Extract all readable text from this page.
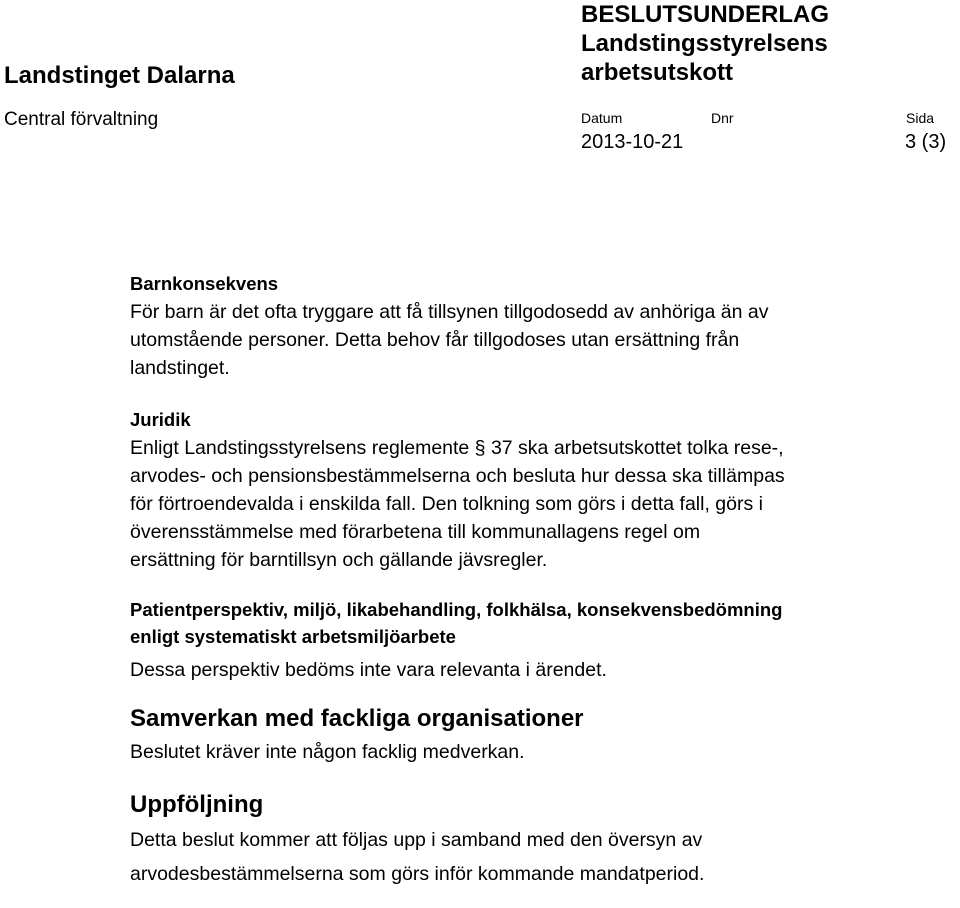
Landstinget Dalarna
Central förvaltning
BESLUTSUNDERLAG
Landstingsstyrelsens
arbetsutskott
Datum
2013-10-21
Dnr	Sida
3 (3)
Barnkonsekvens

För barn är det ofta tryggare att få tillsynen tillgodosedd av anhöriga än av

utomstående personer. Detta behov får tillgodoses utan ersättning från

landstinget.

Juridik

Enligt Landstingsstyrelsens reglemente § 37 ska arbetsutskottet tolka rese-,

arvodes- och pensionsbestämmelserna och besluta hur dessa ska tillämpas

för förtroendevalda i enskilda fall. Den tolkning som görs i detta fall, görs i

överensstämmelse med förarbetena till kommunallagens regel om

ersättning för barntillsyn och gällande jävsregler.

Patientperspektiv, miljö, likabehandling, folkhälsa, konsekvensbedömning
enligt systematiskt arbetsmiljöarbete

Dessa perspektiv bedöms inte vara relevanta i ärendet.

Samverkan med fackliga organisationer

Beslutet kräver inte någon facklig medverkan.

Uppföljning

Detta beslut kommer att följas upp i samband med den översyn av

arvodesbestämmelserna som görs inför kommande mandatperiod.
